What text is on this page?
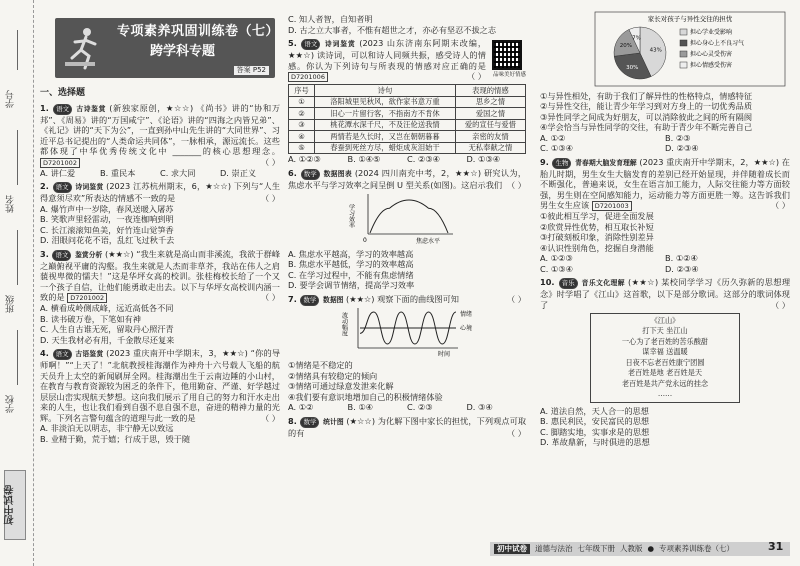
学号
姓名
班级
学校
初中试卷
专项素养巩固训练卷（七）
跨学科专题
答案 P52
一、选择题
1. 语文 古诗鉴赏 (新独家原创，★☆☆) 《尚书》讲的“协和万邦”、《周易》讲的“万国咸宁”、《论语》讲的“四海之内皆兄弟”、《礼记》讲的“天下为公”，一直到孙中山先生讲的“大同世界”、习近平总书记提出的“人类命运共同体”，一脉相承，源远流长。这些都体现了中华优秀传统文化中 _______的核心思想理念。 D7201002	（ ）
A. 讲仁爱	B. 重民本	C. 求大同	D. 崇正义
2. 语文 诗词鉴赏 (2023 江苏杭州期末，6，★☆☆) 下列与“人生得意须尽欢”所表达的情感不一致的是	（ ）
A. 爆竹声中一岁除，春风送暖入屠苏
B. 笑歌声里轻雷动，一夜连枷响到明
C. 长江滚滚知鱼美，好竹连山觉笋香
D. 泪眼问花花不语，乱红飞过秋千去
3. 语文 鉴赏分析 (★★☆) “我生来就是高山而非溪流，我欲于群峰之巅俯视平庸的沟壑。我生来就是人杰而非草芥，我站在伟人之肩藐视卑微的懦夫！”这是华坪女高的校训。张桂梅校长给了一个又一个孩子自信，让他们能勇敢走出去。以下与华坪女高校训内涵一致的是 D7201002	（ ）
A. 横看成岭侧成峰，远近高低各不同
B. 读书破万卷，下笔如有神
C. 人生自古谁无死，留取丹心照汗青
D. 天生我材必有用，千金散尽还复来
4. 语文 古语鉴赏 (2023 重庆南开中学期末，3，★★☆) “你的导师啊！”“上天了！”北航教授桂海潮作为神舟十六号载人飞船的航天员升上太空的新闻刷屏全网。桂海潮出生于云南边陲的小山村，在教育与教育资源较为困乏的条件下，他用勤奋、严谨、好学越过层层山峦实现航天梦想。这向我们展示了用自己的努力和汗水走出来的人生，也让我们看到自强不息自强不息，奋进的精神力量的光辉。下列名言警句蕴含的道理与此一致的是	（ ）
A. 非淡泊无以明志，非宁静无以致远
B. 业精于勤，荒于嬉；行成于思，毁于随
C. 知人者智，自知者明
D. 古之立大事者，不惟有超世之才，亦必有坚忍不拔之志
5. 语文 诗词鉴赏 (2023 山东济南东阿期末改编，★★☆) 读诗词，可以和诗人同频共振，感受诗人的情感。你认为下列诗句与所表现的情感对应正确的是 D7201006	（ ） 品味美好情感
序号	诗句	表现的情感
①	洛阳城里见秋风，欲作家书意万重	思乡之情
②	旧心一片留行客，不指南方不肯休	爱国之情
③	桃花潭水深千尺，不及汪伦送我情	爱的宣任与爱惜
④	两情若是久长时，又岂在朝朝暮暮	亲密的友情
⑤	春蚕到死丝方尽，蜡炬成灰泪始干	无私奉献之情
A. ①②③	B. ①④⑤	C. ②③④	D. ①③④
6. 数学 数据图表 (2024 四川南充中考，2，★★☆) 研究认为，焦虑水平与学习效率之间呈倒 U 型关系(如图)。这启示我们 （ ）
学习效率
焦虑水平
0
A. 焦虑水平越高，学习的效率越高
B. 焦虑水平越低，学习的效率越高
C. 在学习过程中，不能有焦虑情绪
D. 要学会调节情绪，提高学习效率
7. 数学 数据图 (★★☆) 观察下面的曲线图可知	（ ）
波动幅度
时间
情绪
心境
①情绪是不稳定的
②情绪具有较稳定的倾向
③情绪可通过绿意发泄来化解
④我们要有意识地增加自己的积极情绪体验
A. ①②	B. ①④	C. ②③	D. ③④
8. 数学 统计图 (★☆☆) 为化解下图中家长的担忧，下列观点可取的有	（ ）
家长对孩子与异性交往的担忧
43%
30%
20%
7%
担心学业受影响
担心身心上不良习气
担心心灵受伤害
担心情感受伤害
①与异性相处，有助于我们了解异性的性格特点，情感特征
②与异性交往，能让青少年学习到对方身上的一切优秀品质
③异性同学之间成为好朋友，可以消除彼此之间的所有隔阂
④学会恰当与异性同学的交往，有助于青少年不断完善自己
A. ①②	B. ②③
C. ①③④	D. ②③④
9. 生物 青春期大脑发育理解 (2023 重庆南开中学期末，2，★★☆) 在胎儿时期，男生女生大脑发育的差别已经开始显现，并伴随着成长而不断强化，普遍来说，女生在语言加工能力，人际交往能力等方面较强，男生则在空间感知能力，运动能力等方面更胜一筹。这告诉我们男生女生应该 D7201003	（ ）
①彼此相互学习，促进全面发展
②欣赏异性优势，相互取长补短
③打破刻板印象，消除性别差异
④认识性别角色，挖掘自身潜能
A. ①②③	B. ①②④
C. ①③④	D. ②③④
10. 音乐 音乐文化理解 (★★☆) 某校同学学习《历久弥新的思想理念》时学唱了《江山》这首歌，以下是部分歌词。这部分的歌词体现了	（ ）
《江山》
打下天 坐江山
一心为了老百姓的苦乐酸甜
谋幸福 送温暖
日夜不忘老百姓康宁团圆
老百姓是地 老百姓是天
老百姓是共产党永远的挂念
……
A. 道法自然，天人合一的思想
B. 惠民利民，安民富民的思想
C. 脚踏实地，实事求是的思想
D. 革故鼎新，与时俱进的思想
初中试卷	道德与法治 七年级下册 人教版 ● 专项素养训练卷（七）	31
